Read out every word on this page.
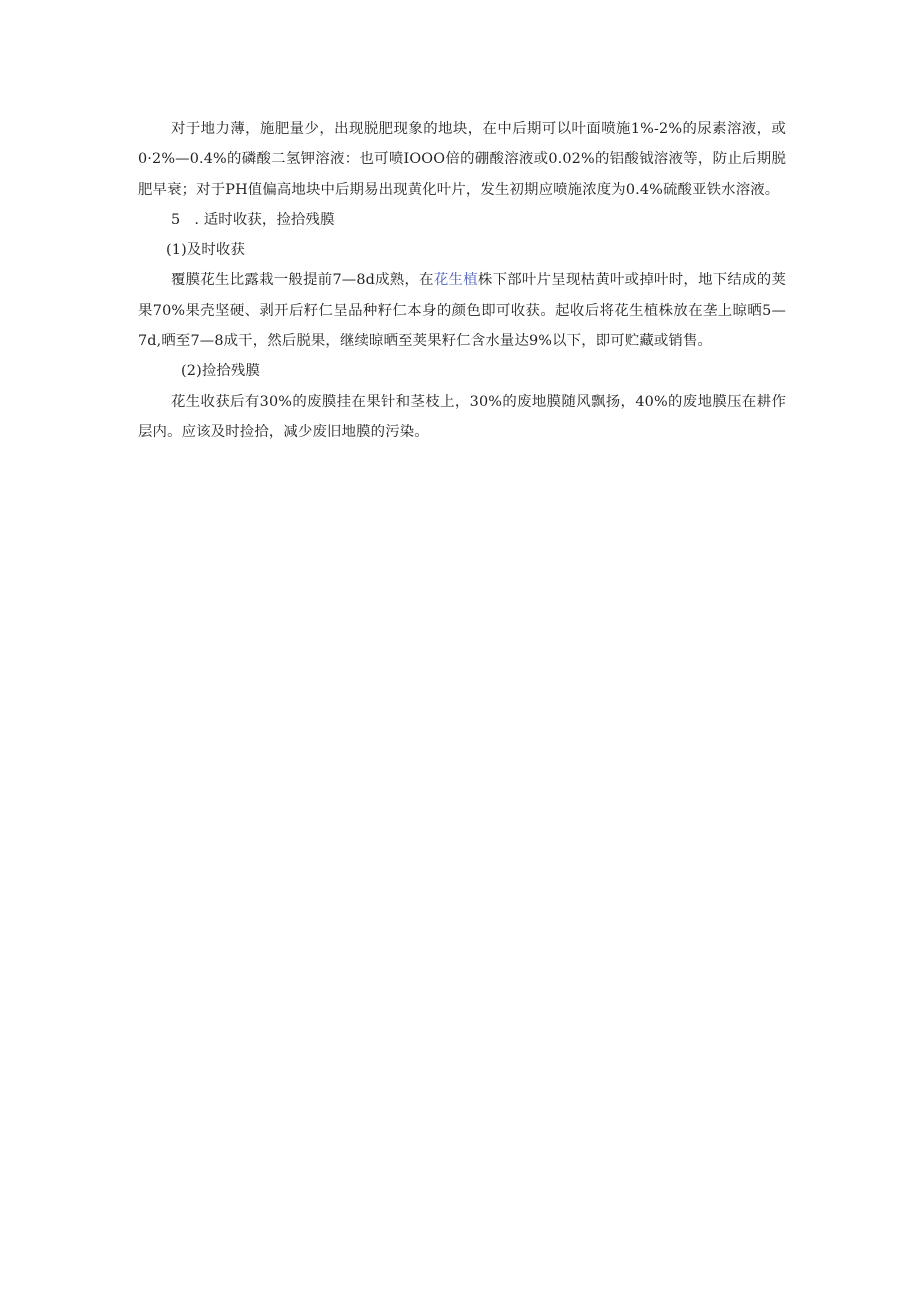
对于地力薄，施肥量少，出现脱肥现象的地块，在中后期可以叶面喷施1%-2%的尿素溶液，或0·2%—0.4%的磷酸二氢钾溶液：也可喷IOOO倍的硼酸溶液或0.02%的铝酸钺溶液等，防止后期脱肥早衰；对于PH值偏高地块中后期易出现黄化叶片，发生初期应喷施浓度为0.4%硫酸亚铁水溶液。

5 . 适时收获，捡拾残膜

(1)及时收获

覆膜花生比露栽一般提前7—8d成熟，在花生植株下部叶片呈现枯黄叶或掉叶时，地下结成的荚果70%果壳坚硬、剥开后籽仁呈品种籽仁本身的颜色即可收获。起收后将花生植株放在垄上晾晒5—7d,晒至7—8成干，然后脱果，继续晾晒至荚果籽仁含水量达9%以下，即可贮藏或销售。

(2)捡拾残膜

花生收获后有30%的废膜挂在果针和茎枝上，30%的废地膜随风飘扬，40%的废地膜压在耕作层内。应该及时捡拾，减少废旧地膜的污染。
